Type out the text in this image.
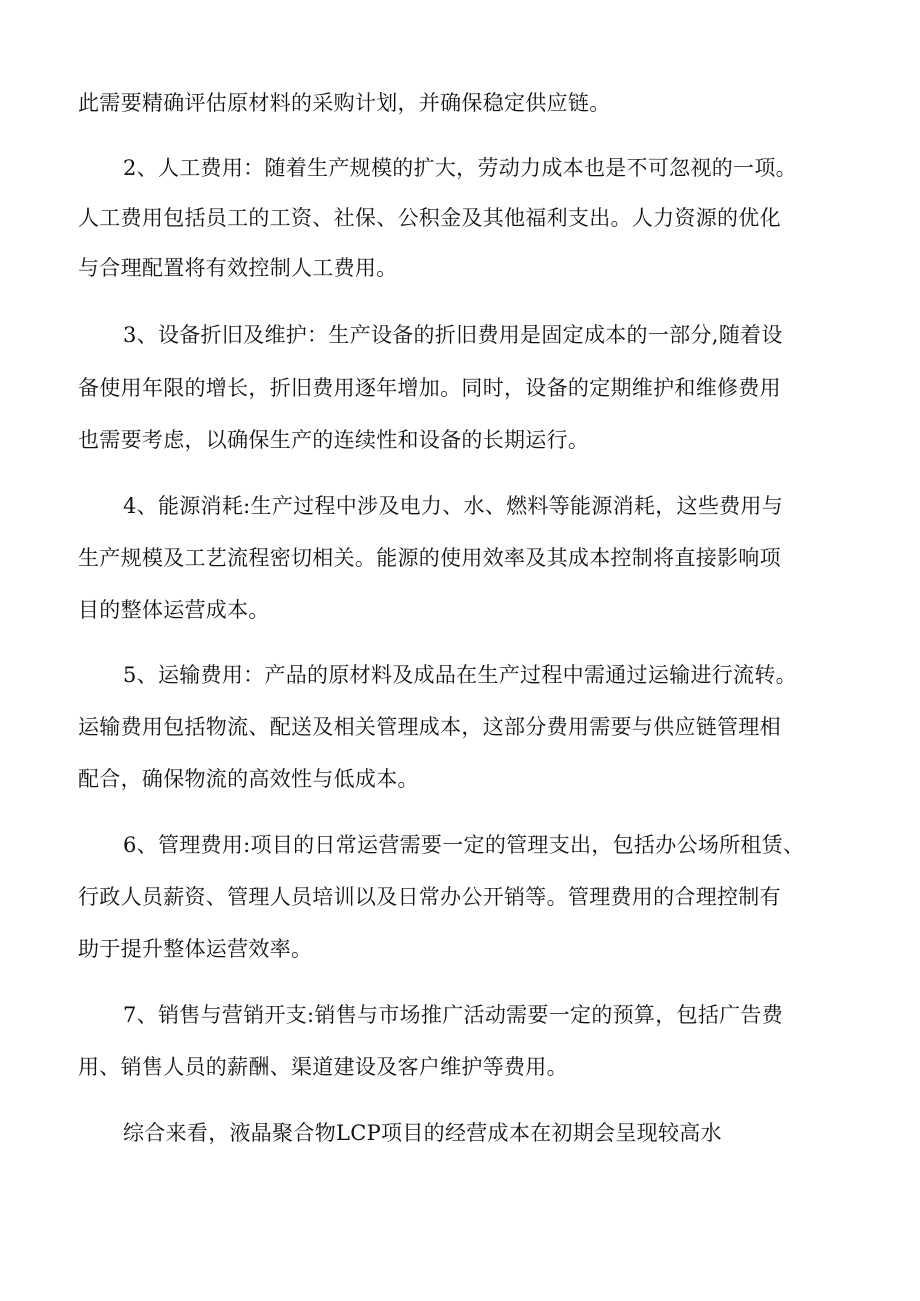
此需要精确评估原材料的采购计划，并确保稳定供应链。
2、人工费用：随着生产规模的扩大，劳动力成本也是不可忽视的一项。
人工费用包括员工的工资、社保、公积金及其他福利支出。人力资源的优化
与合理配置将有效控制人工费用。
3、设备折旧及维护：生产设备的折旧费用是固定成本的一部分,随着设
备使用年限的增长，折旧费用逐年增加。同时，设备的定期维护和维修费用
也需要考虑，以确保生产的连续性和设备的长期运行。
4、能源消耗:生产过程中涉及电力、水、燃料等能源消耗，这些费用与
生产规模及工艺流程密切相关。能源的使用效率及其成本控制将直接影响项
目的整体运营成本。
5、运输费用：产品的原材料及成品在生产过程中需通过运输进行流转。
运输费用包括物流、配送及相关管理成本，这部分费用需要与供应链管理相
配合，确保物流的高效性与低成本。
6、管理费用:项目的日常运营需要一定的管理支出，包括办公场所租赁、
行政人员薪资、管理人员培训以及日常办公开销等。管理费用的合理控制有
助于提升整体运营效率。
7、销售与营销开支:销售与市场推广活动需要一定的预算，包括广告费
用、销售人员的薪酬、渠道建设及客户维护等费用。
综合来看，液晶聚合物LCP项目的经营成本在初期会呈现较高水
